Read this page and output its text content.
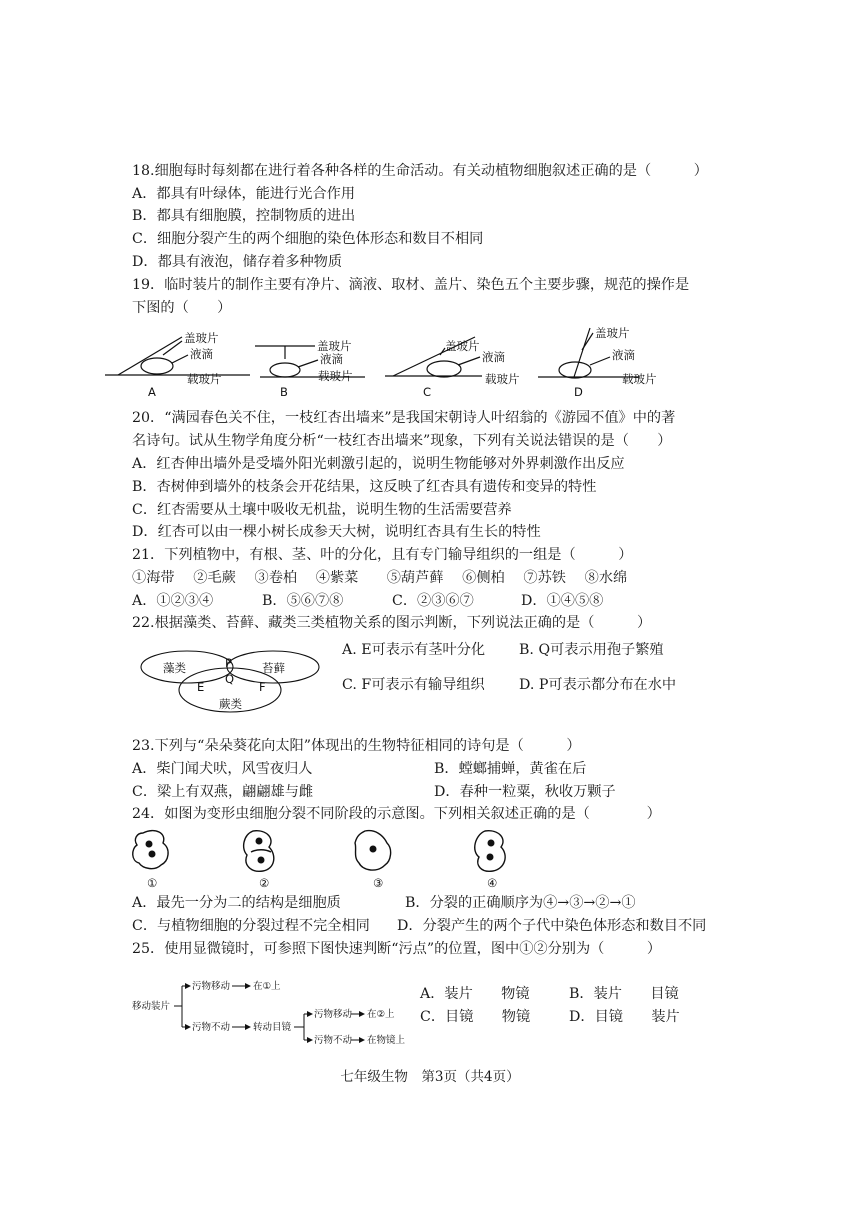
18.细胞每时每刻都在进行着各种各样的生命活动。有关动植物细胞叙述正确的是（　　　）
A．都具有叶绿体，能进行光合作用
B．都具有细胞膜，控制物质的进出
C．细胞分裂产生的两个细胞的染色体形态和数目不相同
D．都具有液泡，储存着多种物质
19．临时装片的制作主要有净片、滴液、取材、盖片、染色五个主要步骤，规范的操作是
下图的（　　）
盖玻片
液滴
载玻片
盖玻片
液滴
载玻片
盖玻片
液滴
载玻片
盖玻片
液滴
载玻片
A	B	C	D
20．“满园春色关不住，一枝红杏出墙来”是我国宋朝诗人叶绍翁的《游园不值》中的著
名诗句。试从生物学角度分析“一枝红杏出墙来”现象，下列有关说法错误的是（　　）
A．红杏伸出墙外是受墙外阳光刺激引起的，说明生物能够对外界刺激作出反应
B．杏树伸到墙外的枝条会开花结果，这反映了红杏具有遗传和变异的特性
C．红杏需要从土壤中吸收无机盐，说明生物的生活需要营养
D．红杏可以由一棵小树长成参天大树，说明红杏具有生长的特性
21．下列植物中，有根、茎、叶的分化，且有专门输导组织的一组是（　　　）
①海带　 ②毛蕨　 ③卷柏　 ④紫菜　　⑤葫芦藓　 ⑥侧柏　 ⑦苏铁　 ⑧水绵
A．①②③④	B．⑤⑥⑦⑧	C．②③⑥⑦	D．①④⑤⑧
22.根据藻类、苔藓、藏类三类植物关系的图示判断，下列说法正确的是（　　　）
藻类	苔藓
蕨类
P
Q
E	F
A. E可表示有茎叶分化 B. Q可表示用孢子繁殖
C. F可表示有输导组织 D. P可表示都分布在水中
23.下列与“朵朵葵花向太阳”体现出的生物特征相同的诗句是（　　　）
A．柴门闻犬吠，风雪夜归人	B．螳螂捕蝉，黄雀在后
C．梁上有双燕，翩翩雄与雌	D．春种一粒粟，秋收万颗子
24．如图为变形虫细胞分裂不同阶段的示意图。下列相关叙述正确的是（　　　　）
①	②	③	④
A．最先一分为二的结构是细胞质	B．分裂的正确顺序为④→③→②→①
C．与植物细胞的分裂过程不完全相同 D．分裂产生的两个子代中染色体形态和数目不同
25．使用显微镜时，可参照下图快速判断“污点”的位置，图中①②分别为（　　　）
移动装片
污物移动 在①上
污物不动 转动目镜
污物移动 在②上
污物不动 在物镜上
A．装片　　物镜	B．装片　　目镜
C．目镜　　物镜	D．目镜　　装片
七年级生物　第3页（共4页）
